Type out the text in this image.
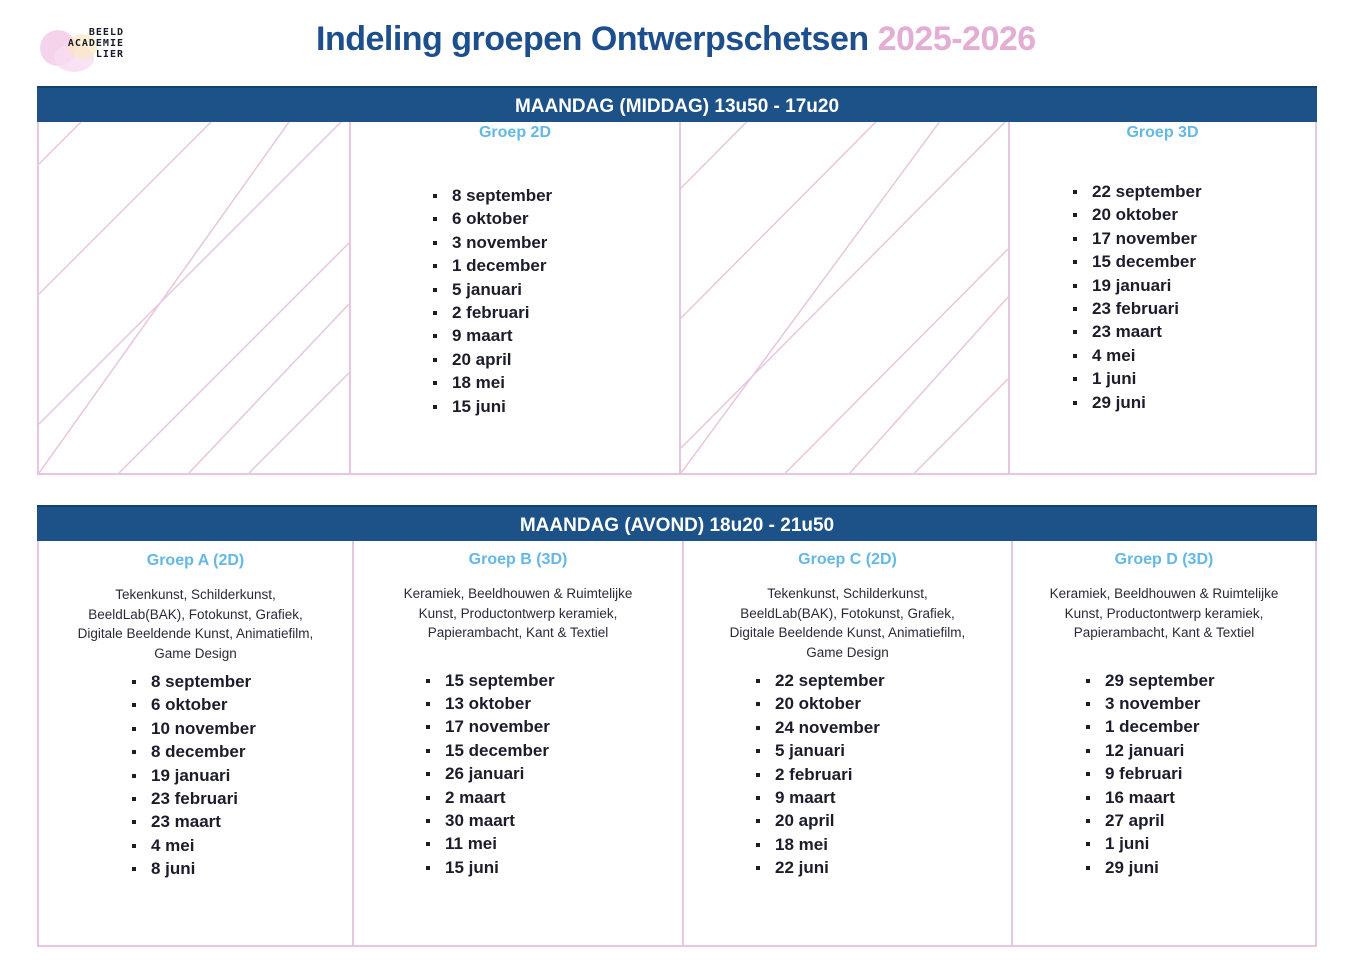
BEELD
ACADEMIE
LIER	Indeling groepen Ontwerpschetsen 2025-2026
MAANDAG (MIDDAG) 13u50 - 17u20
Groep 2D
8 september
6 oktober
3 november
1 december
5 januari
2 februari
9 maart
20 april
18 mei
15 juni
Groep 3D
22 september
20 oktober
17 november
15 december
19 januari
23 februari
23 maart
4 mei
1 juni
29 juni
MAANDAG (AVOND) 18u20 - 21u50
Groep A (2D)
Tekenkunst, Schilderkunst,
BeeldLab(BAK), Fotokunst, Grafiek,
Digitale Beeldende Kunst, Animatiefilm,
Game Design
8 september
6 oktober
10 november
8 december
19 januari
23 februari
23 maart
4 mei
8 juni
Groep B (3D)
Keramiek, Beeldhouwen & Ruimtelijke
Kunst, Productontwerp keramiek,
Papierambacht, Kant & Textiel
15 september
13 oktober
17 november
15 december
26 januari
2 maart
30 maart
11 mei
15 juni
Groep C (2D)
Tekenkunst, Schilderkunst,
BeeldLab(BAK), Fotokunst, Grafiek,
Digitale Beeldende Kunst, Animatiefilm,
Game Design
22 september
20 oktober
24 november
5 januari
2 februari
9 maart
20 april
18 mei
22 juni
Groep D (3D)
Keramiek, Beeldhouwen & Ruimtelijke
Kunst, Productontwerp keramiek,
Papierambacht, Kant & Textiel
29 september
3 november
1 december
12 januari
9 februari
16 maart
27 april
1 juni
29 juni
